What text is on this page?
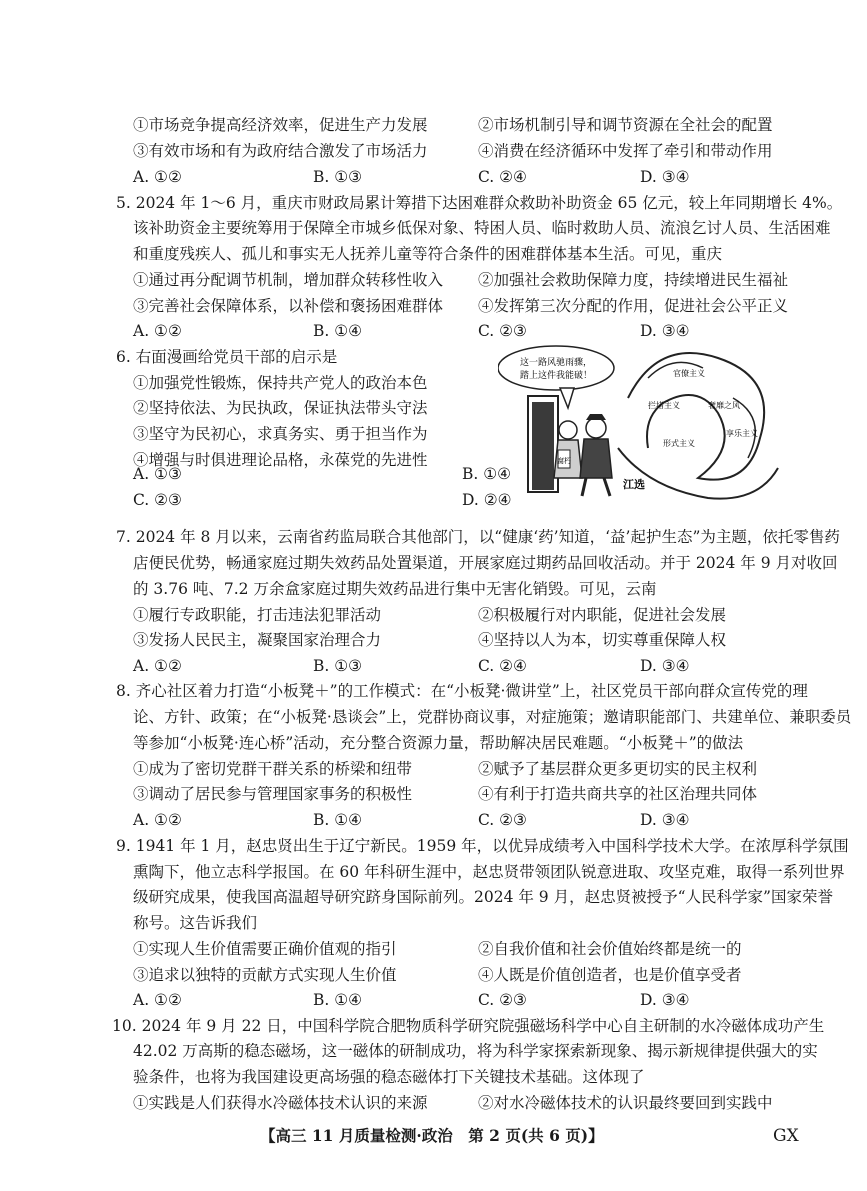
①市场竞争提高经济效率，促进生产力发展	②市场机制引导和调节资源在全社会的配置
③有效市场和有为政府结合激发了市场活力	④消费在经济循环中发挥了牵引和带动作用
A. ①②	B. ①③	C. ②④	D. ③④
5. 2024 年 1～6 月，重庆市财政局累计筹措下达困难群众救助补助资金 65 亿元，较上年同期增长 4%。
该补助资金主要统筹用于保障全市城乡低保对象、特困人员、临时救助人员、流浪乞讨人员、生活困难
和重度残疾人、孤儿和事实无人抚养儿童等符合条件的困难群体基本生活。可见，重庆
①通过再分配调节机制，增加群众转移性收入 ②加强社会救助保障力度，持续增进民生福祉
③完善社会保障体系，以补偿和褒扬困难群体 ④发挥第三次分配的作用，促进社会公平正义
A. ①②	B. ①④	C. ②③	D. ③④
6. 右面漫画给党员干部的启示是
①加强党性锻炼，保持共产党人的政治本色
②坚持依法、为民执政，保证执法带头守法
③坚守为民初心，求真务实、勇于担当作为
④增强与时俱进理论品格，永葆党的先进性
A. ①③	B. ①④
C. ②③	D. ②④
这一路风驰雨骤，
踏上这件我能破！
腐朽
江选
拦堵主义
官僚主义
形式主义
享乐主义
奢靡之风
7. 2024 年 8 月以来，云南省药监局联合其他部门，以“健康‘药’知道，‘益’起护生态”为主题，依托零售药
店便民优势，畅通家庭过期失效药品处置渠道，开展家庭过期药品回收活动。并于 2024 年 9 月对收回
的 3.76 吨、7.2 万余盒家庭过期失效药品进行集中无害化销毁。可见，云南
①履行专政职能，打击违法犯罪活动	②积极履行对内职能，促进社会发展
③发扬人民民主，凝聚国家治理合力	④坚持以人为本，切实尊重保障人权
A. ①②	B. ①③	C. ②④	D. ③④
8. 齐心社区着力打造“小板凳＋”的工作模式：在“小板凳·微讲堂”上，社区党员干部向群众宣传党的理
论、方针、政策；在“小板凳·恳谈会”上，党群协商议事，对症施策；邀请职能部门、共建单位、兼职委员
等参加“小板凳·连心桥”活动，充分整合资源力量，帮助解决居民难题。“小板凳＋”的做法
①成为了密切党群干群关系的桥梁和纽带	②赋予了基层群众更多更切实的民主权利
③调动了居民参与管理国家事务的积极性	④有利于打造共商共享的社区治理共同体
A. ①②	B. ①④	C. ②③	D. ③④
9. 1941 年 1 月，赵忠贤出生于辽宁新民。1959 年，以优异成绩考入中国科学技术大学。在浓厚科学氛围
熏陶下，他立志科学报国。在 60 年科研生涯中，赵忠贤带领团队锐意进取、攻坚克难，取得一系列世界
级研究成果，使我国高温超导研究跻身国际前列。2024 年 9 月，赵忠贤被授予“人民科学家”国家荣誉
称号。这告诉我们
①实现人生价值需要正确价值观的指引	②自我价值和社会价值始终都是统一的
③追求以独特的贡献方式实现人生价值	④人既是价值创造者，也是价值享受者
A. ①②	B. ①④	C. ②③	D. ③④
10. 2024 年 9 月 22 日，中国科学院合肥物质科学研究院强磁场科学中心自主研制的水冷磁体成功产生
42.02 万高斯的稳态磁场，这一磁体的研制成功，将为科学家探索新现象、揭示新规律提供强大的实
验条件，也将为我国建设更高场强的稳态磁体打下关键技术基础。这体现了
①实践是人们获得水冷磁体技术认识的来源	②对水冷磁体技术的认识最终要回到实践中
【高三 11 月质量检测·政治　第 2 页(共 6 页)】	GX
